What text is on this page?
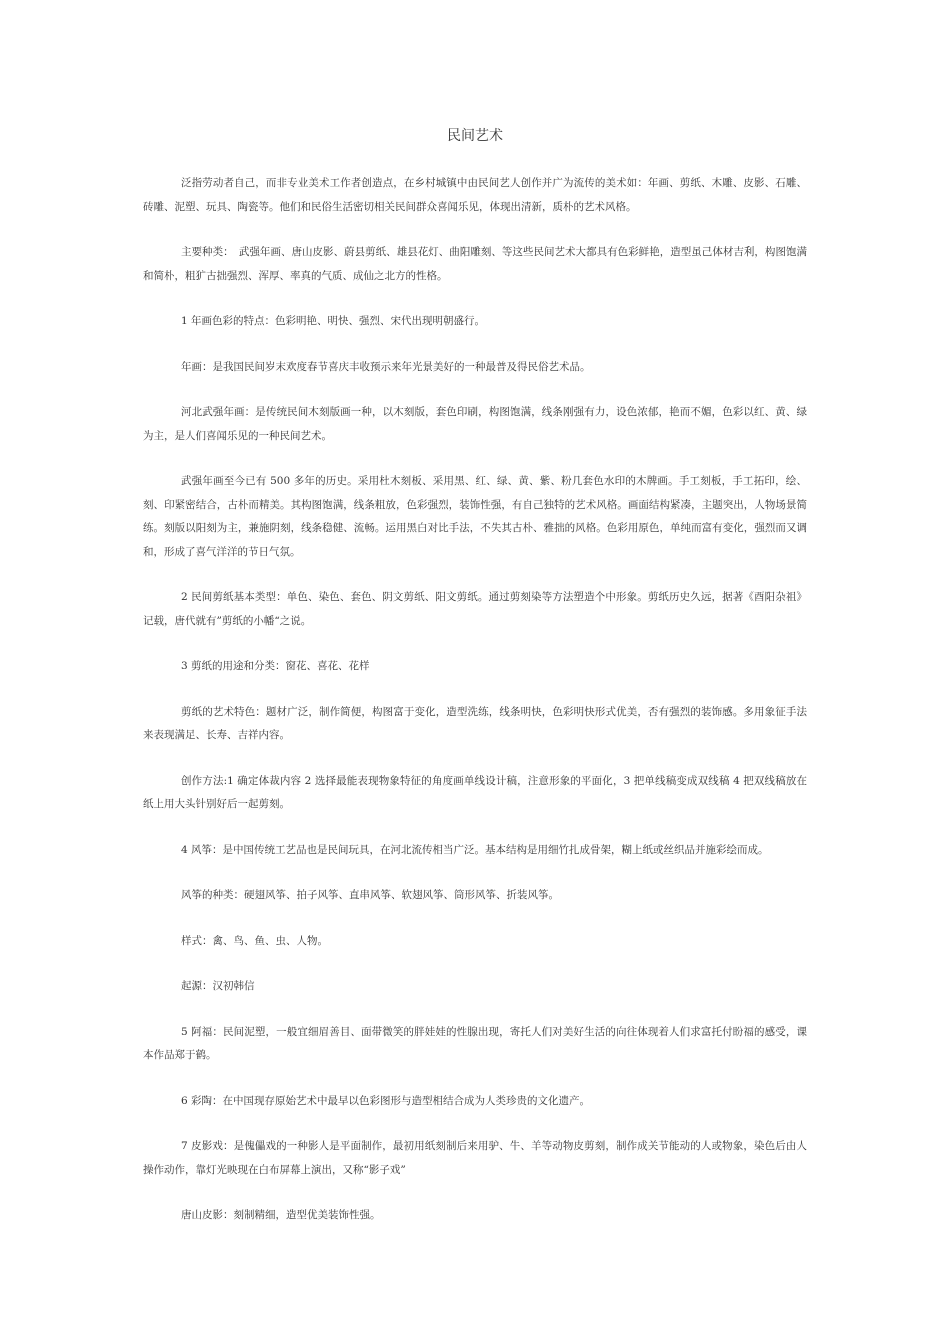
民间艺术

泛指劳动者自己，而非专业美术工作者创造点，在乡村城镇中由民间艺人创作并广为流传的美术如：年画、剪纸、木雕、皮影、石雕、砖雕、泥塑、玩具、陶瓷等。他们和民俗生活密切相关民间群众喜闻乐见，体现出清新，质朴的艺术风格。

主要种类：　武强年画、唐山皮影、蔚县剪纸、雄县花灯、曲阳雕刻、等这些民间艺术大都具有色彩鲜艳，造型虽己体材吉利，构图饱满和简朴，粗犷古拙强烈、浑厚、率真的气质、成仙之北方的性格。

1 年画色彩的特点：色彩明艳、明快、强烈、宋代出现明朝盛行。

年画：是我国民间岁末欢度春节喜庆丰收预示来年光景美好的一种最普及得民俗艺术品。

河北武强年画：是传统民间木刻版画一种，以木刻版，套色印刷，构图饱满，线条刚强有力，设色浓郁，艳而不媚，色彩以红、黄、绿为主，是人们喜闻乐见的一种民间艺术。

武强年画至今已有 500 多年的历史。采用杜木刻板、采用黑、红、绿、黄、紫、粉几套色水印的木牌画。手工刻板，手工拓印，绘、刻、印紧密结合，古朴而精美。其构图饱满，线条粗放，色彩强烈，装饰性强，有自己独特的艺术风格。画面结构紧凑，主题突出，人物场景简练。刻版以阳刻为主，兼施阴刻，线条稳健、流畅。运用黑白对比手法，不失其古朴、雅拙的风格。色彩用原色，单纯而富有变化，强烈而又调和，形成了喜气洋洋的节日气氛。

2 民间剪纸基本类型：单色、染色、套色、阴文剪纸、阳文剪纸。通过剪刻染等方法塑造个中形象。剪纸历史久远，据著《酉阳杂祖》记载，唐代就有”剪纸的小幡“之说。

3 剪纸的用途和分类：窗花、喜花、花样

剪纸的艺术特色：题材广泛，制作简便，构图富于变化，造型洗练，线条明快，色彩明快形式优美，否有强烈的装饰感。多用象征手法来表现满足、长寿、吉祥内容。

创作方法:1 确定体裁内容 2 选择最能表现物象特征的角度画单线设计稿，注意形象的平面化，3 把单线稿变成双线稿 4 把双线稿放在纸上用大头针别好后一起剪刻。

4 风筝：是中国传统工艺品也是民间玩具，在河北流传相当广泛。基本结构是用细竹扎成骨架，糊上纸或丝织品并施彩绘而成。

风筝的种类：硬翅风筝、拍子风筝、直串风筝、软翅风筝、筒形风筝、折装风筝。

样式：禽、鸟、鱼、虫、人物。

起源：汉初韩信

5 阿福：民间泥塑，一般宜细眉善目、面带微笑的胖娃娃的性腺出现，寄托人们对美好生活的向往体现着人们求富托付盼福的感受，课本作品郑于鹤。

6 彩陶：在中国现存原始艺术中最早以色彩图形与造型相结合成为人类珍贵的文化遗产。

7 皮影戏：是傀儡戏的一种影人是平面制作，最初用纸刻制后来用驴、牛、羊等动物皮剪刻，制作成关节能动的人或物象，染色后由人操作动作，靠灯光映现在白布屏幕上演出，又称“影子戏”

唐山皮影：刻制精细，造型优美装饰性强。
